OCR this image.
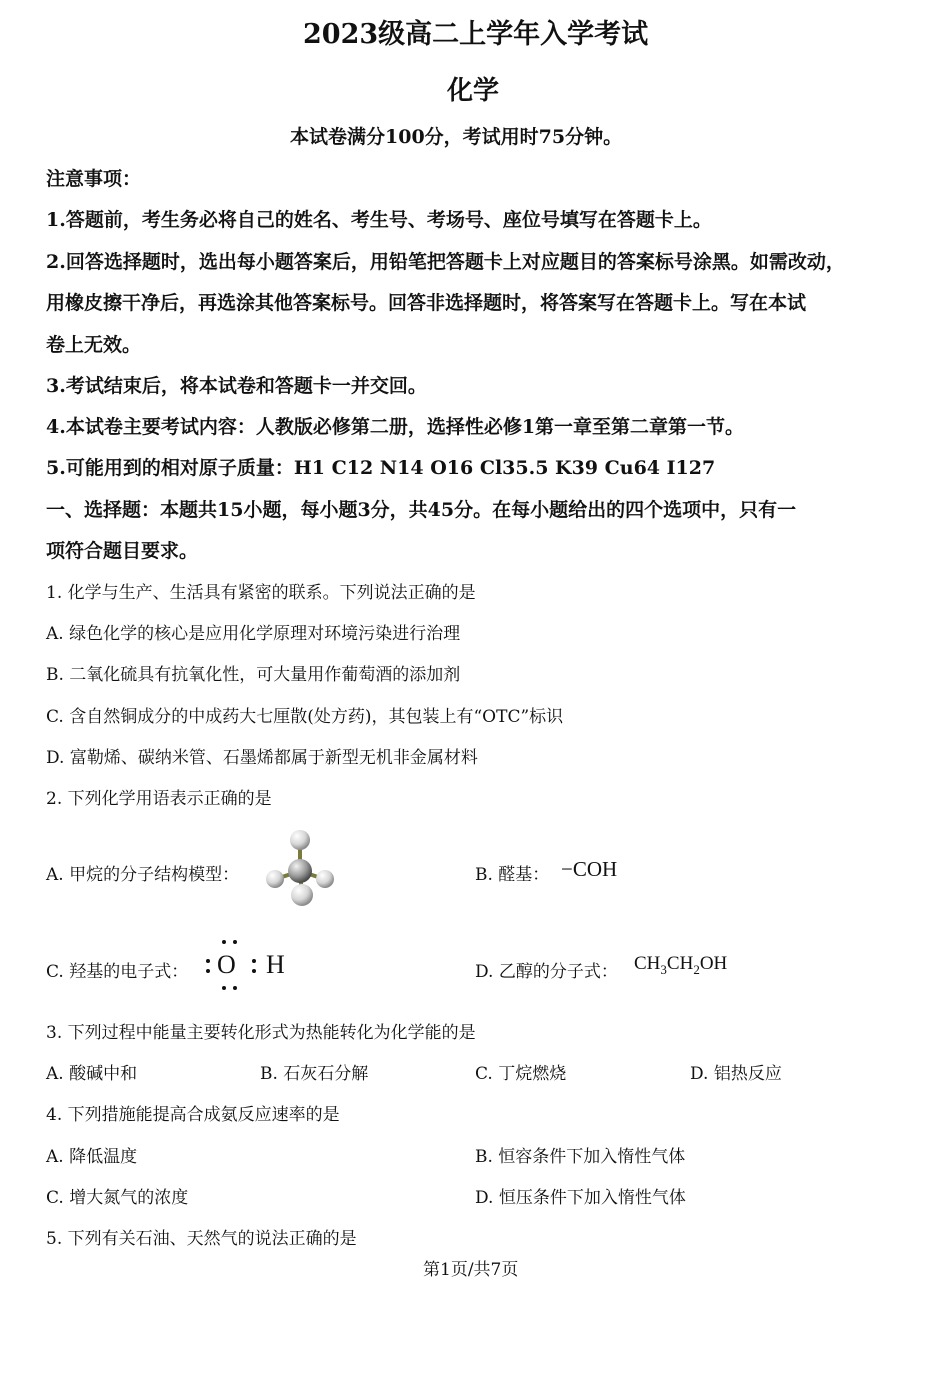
2023级高二上学年入学考试
化学
本试卷满分100分，考试用时75分钟。
注意事项：
1.答题前，考生务必将自己的姓名、考生号、考场号、座位号填写在答题卡上。
2.回答选择题时，选出每小题答案后，用铅笔把答题卡上对应题目的答案标号涂黑。如需改动，
用橡皮擦干净后，再选涂其他答案标号。回答非选择题时，将答案写在答题卡上。写在本试
卷上无效。
3.考试结束后，将本试卷和答题卡一并交回。
4.本试卷主要考试内容：人教版必修第二册，选择性必修1第一章至第二章第一节。
5.可能用到的相对原子质量：H1 C12 N14 O16 Cl35.5 K39 Cu64 I127
一、选择题：本题共15小题，每小题3分，共45分。在每小题给出的四个选项中，只有一
项符合题目要求。
1. 化学与生产、生活具有紧密的联系。下列说法正确的是
A. 绿色化学的核心是应用化学原理对环境污染进行治理
B. 二氧化硫具有抗氧化性，可大量用作葡萄酒的添加剂
C. 含自然铜成分的中成药大七厘散(处方药)，其包装上有“OTC”标识
D. 富勒烯、碳纳米管、石墨烯都属于新型无机非金属材料
2. 下列化学用语表示正确的是
A. 甲烷的分子结构模型：	B. 醛基： −COH
C. 羟基的电子式： O H	D. 乙醇的分子式： $CH_3CH_2OH$
3. 下列过程中能量主要转化形式为热能转化为化学能的是
A. 酸碱中和	B. 石灰石分解	C. 丁烷燃烧	D. 铝热反应
4. 下列措施能提高合成氨反应速率的是
A. 降低温度	B. 恒容条件下加入惰性气体
C. 增大氮气的浓度	D. 恒压条件下加入惰性气体
5. 下列有关石油、天然气的说法正确的是
第1页/共7页
